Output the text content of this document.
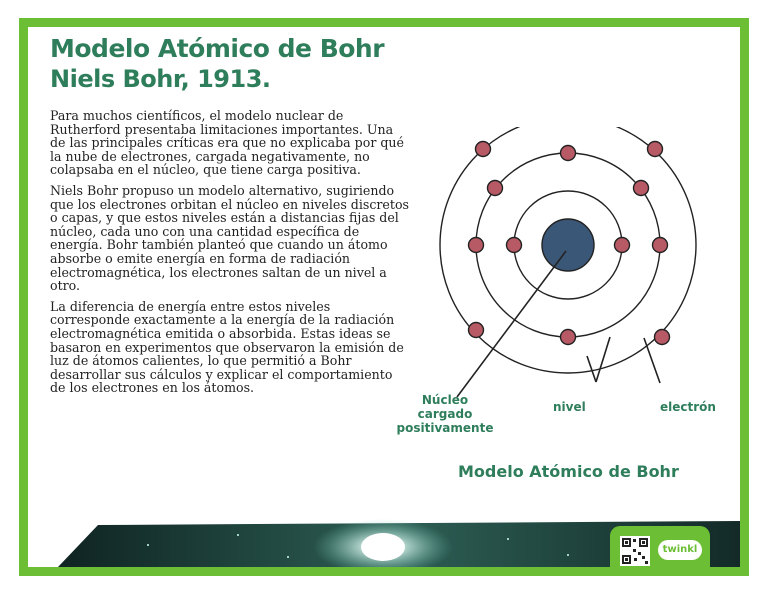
Modelo Atómico de Bohr
Niels Bohr, 1913.

Para muchos científicos, el modelo nuclear de Rutherford presentaba limitaciones importantes. Una de las principales críticas era que no explicaba por qué la nube de electrones, cargada negativamente, no colapsaba en el núcleo, que tiene carga positiva.

Niels Bohr propuso un modelo alternativo, sugiriendo que los electrones orbitan el núcleo en niveles discretos o capas, y que estos niveles están a distancias fijas del núcleo, cada uno con una cantidad específica de energía. Bohr también planteó que cuando un átomo absorbe o emite energía en forma de radiación electromagnética, los electrones saltan de un nivel a otro.

La diferencia de energía entre estos niveles corresponde exactamente a la energía de la radiación electromagnética emitida o absorbida. Estas ideas se basaron en experimentos que observaron la emisión de luz de átomos calientes, lo que permitió a Bohr desarrollar sus cálculos y explicar el comportamiento de los electrones en los átomos.

Núcleo cargado positivamente
nivel	electrón
Modelo Atómico de Bohr
twinkl
